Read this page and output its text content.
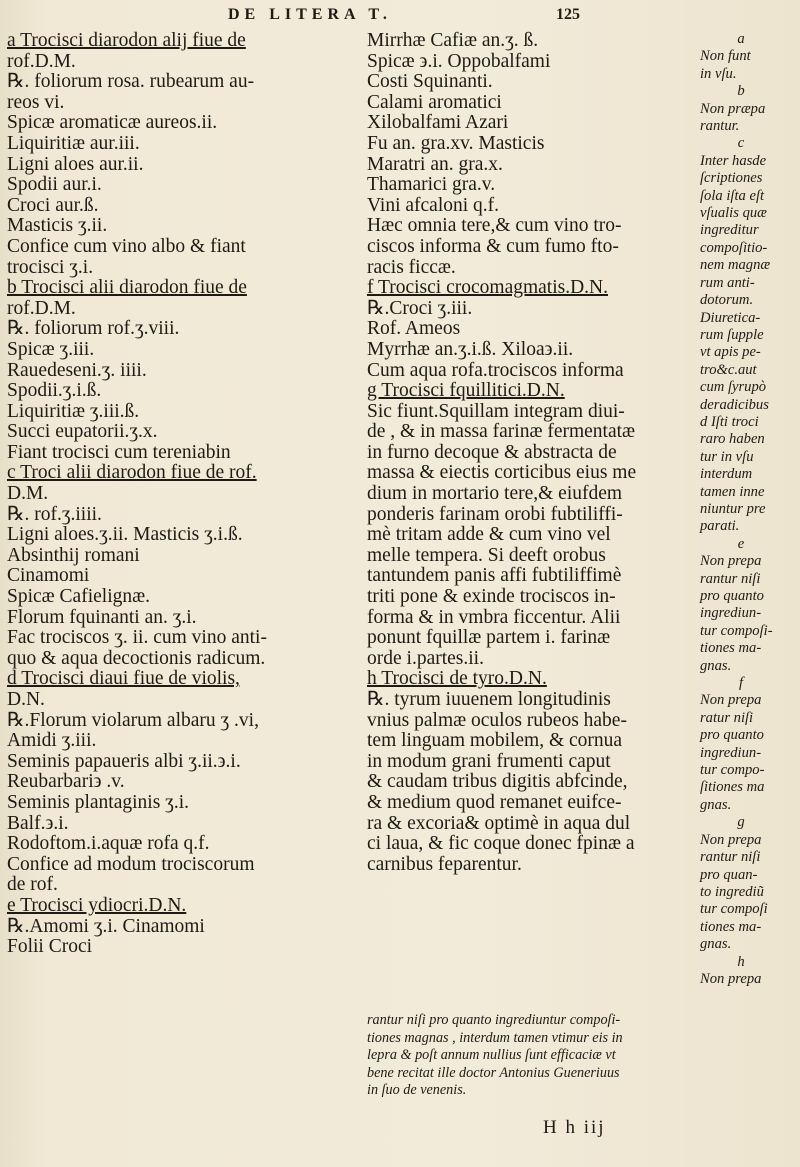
DE LITERA T.	125
a Trocisci diarodon alij fiue de
rof.D.M.
℞. foliorum rosa. rubearum au-
reos vi.
Spicæ aromaticæ aureos.ii.
Liquiritiæ aur.iii.
Ligni aloes aur.ii.
Spodii aur.i.
Croci aur.ß.
Masticis ʒ.ii.
Conficе cum vino albo & fiant
trocisci ʒ.i.
b Trocisci alii diarodon fiue de
rof.D.M.
℞. foliorum rof.ʒ.viii.
Spicæ ʒ.iii.
Rauedeseni.ʒ. iiii.
Spodii.ʒ.i.ß.
Liquiritiæ ʒ.iii.ß.
Succi eupatorii.ʒ.x.
Fiant trocisci cum tereniabin
c Troci alii diarodon fiue de rof.
D.M.
℞. rof.ʒ.iiii.
Ligni aloes.ʒ.ii. Masticis ʒ.i.ß.
Absinthij romani
Cinamomi
Spicæ Cafielignæ.
Florum fquinanti an. ʒ.i.
Fac trociscos ʒ. ii. cum vino anti-
quo & aqua decoctionis radicum.
d Trocisci diaui fiue de violis,
D.N.
℞.Florum violarum albaru ʒ .vi,
Amidi ʒ.iii.
Seminis papaueris albi ʒ.ii.϶.i.
Reubarbari϶ .v.
Seminis plantaginis ʒ.i.
Balf.϶.i.
Rodoftom.i.aquæ rofa q.f.
Conficе ad modum trociscorum
de rof.
e Trocisci ydiocri.D.N.
℞.Amomi ʒ.i. Cinamomi
Folii Croci
Mirrhæ Cafiæ an.ʒ. ß.
Spicæ ϶.i. Oppobalfami
Costi Squinanti.
Calami aromatici
Xilobalfami Azari
Fu an. gra.xv. Masticis
Maratri an. gra.x.
Thamarici gra.v.
Vini afcaloni q.f.
Hæc omnia tere,& cum vino tro-
ciscos informa & cum fumo fto-
racis ficcæ.
f Trocisci crocomagmatis.D.N.
℞.Croci ʒ.iii.
Rof. Ameos
Myrrhæ an.ʒ.i.ß. Xiloa϶.ii.
Cum aqua rofa.trociscos informa
g Trocisci fquilliticі.D.N.
Sic fiunt.Squillam integram diui-
de , & in massa farinæ fermentatæ
in furno decoque & abstracta de
massa & eiectis corticibus eius me
dium in mortario tere,& eiufdem
ponderis farinam orobi fubtiliffi-
mè tritam adde & cum vino vel
melle tempera. Si deeft orobus
tantundem panis affi fubtiliffimè
triti pone & exinde trociscos in-
forma & in vmbra ficcentur. Alii
ponunt fquillæ partem i. farinæ
orde i.partes.ii.
h Trocisci de tyro.D.N.
℞. tyrum iuuenem longitudinis
vnius palmæ oculos rubeos habe-
tem linguam mobilem, & cornua
in modum grani frumenti caput
& caudam tribus digitis abfcinde,
& medium quod remanet euifce-
ra & excoria& optimè in aqua dul
ci laua, & fic coque donec fpinæ a
carnibus feparentur.
a
Non funt
in vſu.
b
Non præpa
rantur.
c
Inter hasde
ſcriptiones
ſola iſta eſt
vſualis quæ
ingreditur
compoſitio-
nem magnæ
rum anti-
dotorum.
Diuretica-
rum ſupple
vt apis pe-
tro&c.aut
cum ſyrupò
deradicibus
d Iſti troci
raro haben
tur in vſu
interdum
tamen inne
niuntur pre
parati.
e
Non prepa
rantur niſi
pro quanto
ingrediun-
tur compoſi-
tiones ma-
gnas.
f
Non prepa
ratur niſi
pro quanto
ingrediun-
tur compo-
ſitiones ma
gnas.
g
Non prepa
rantur niſi
pro quan-
to ingrediũ
tur compoſi
tiones ma-
gnas.
h
Non prepa
rantur niſi pro quanto ingrediuntur compoſi-
tiones magnas , interdum tamen vtimur eis in
lepra & poſt annum nullius ſunt efficaciæ vt
bene recitat ille doctor Antonius Gueneriиus
in ſuo de venenis.
H h iij
